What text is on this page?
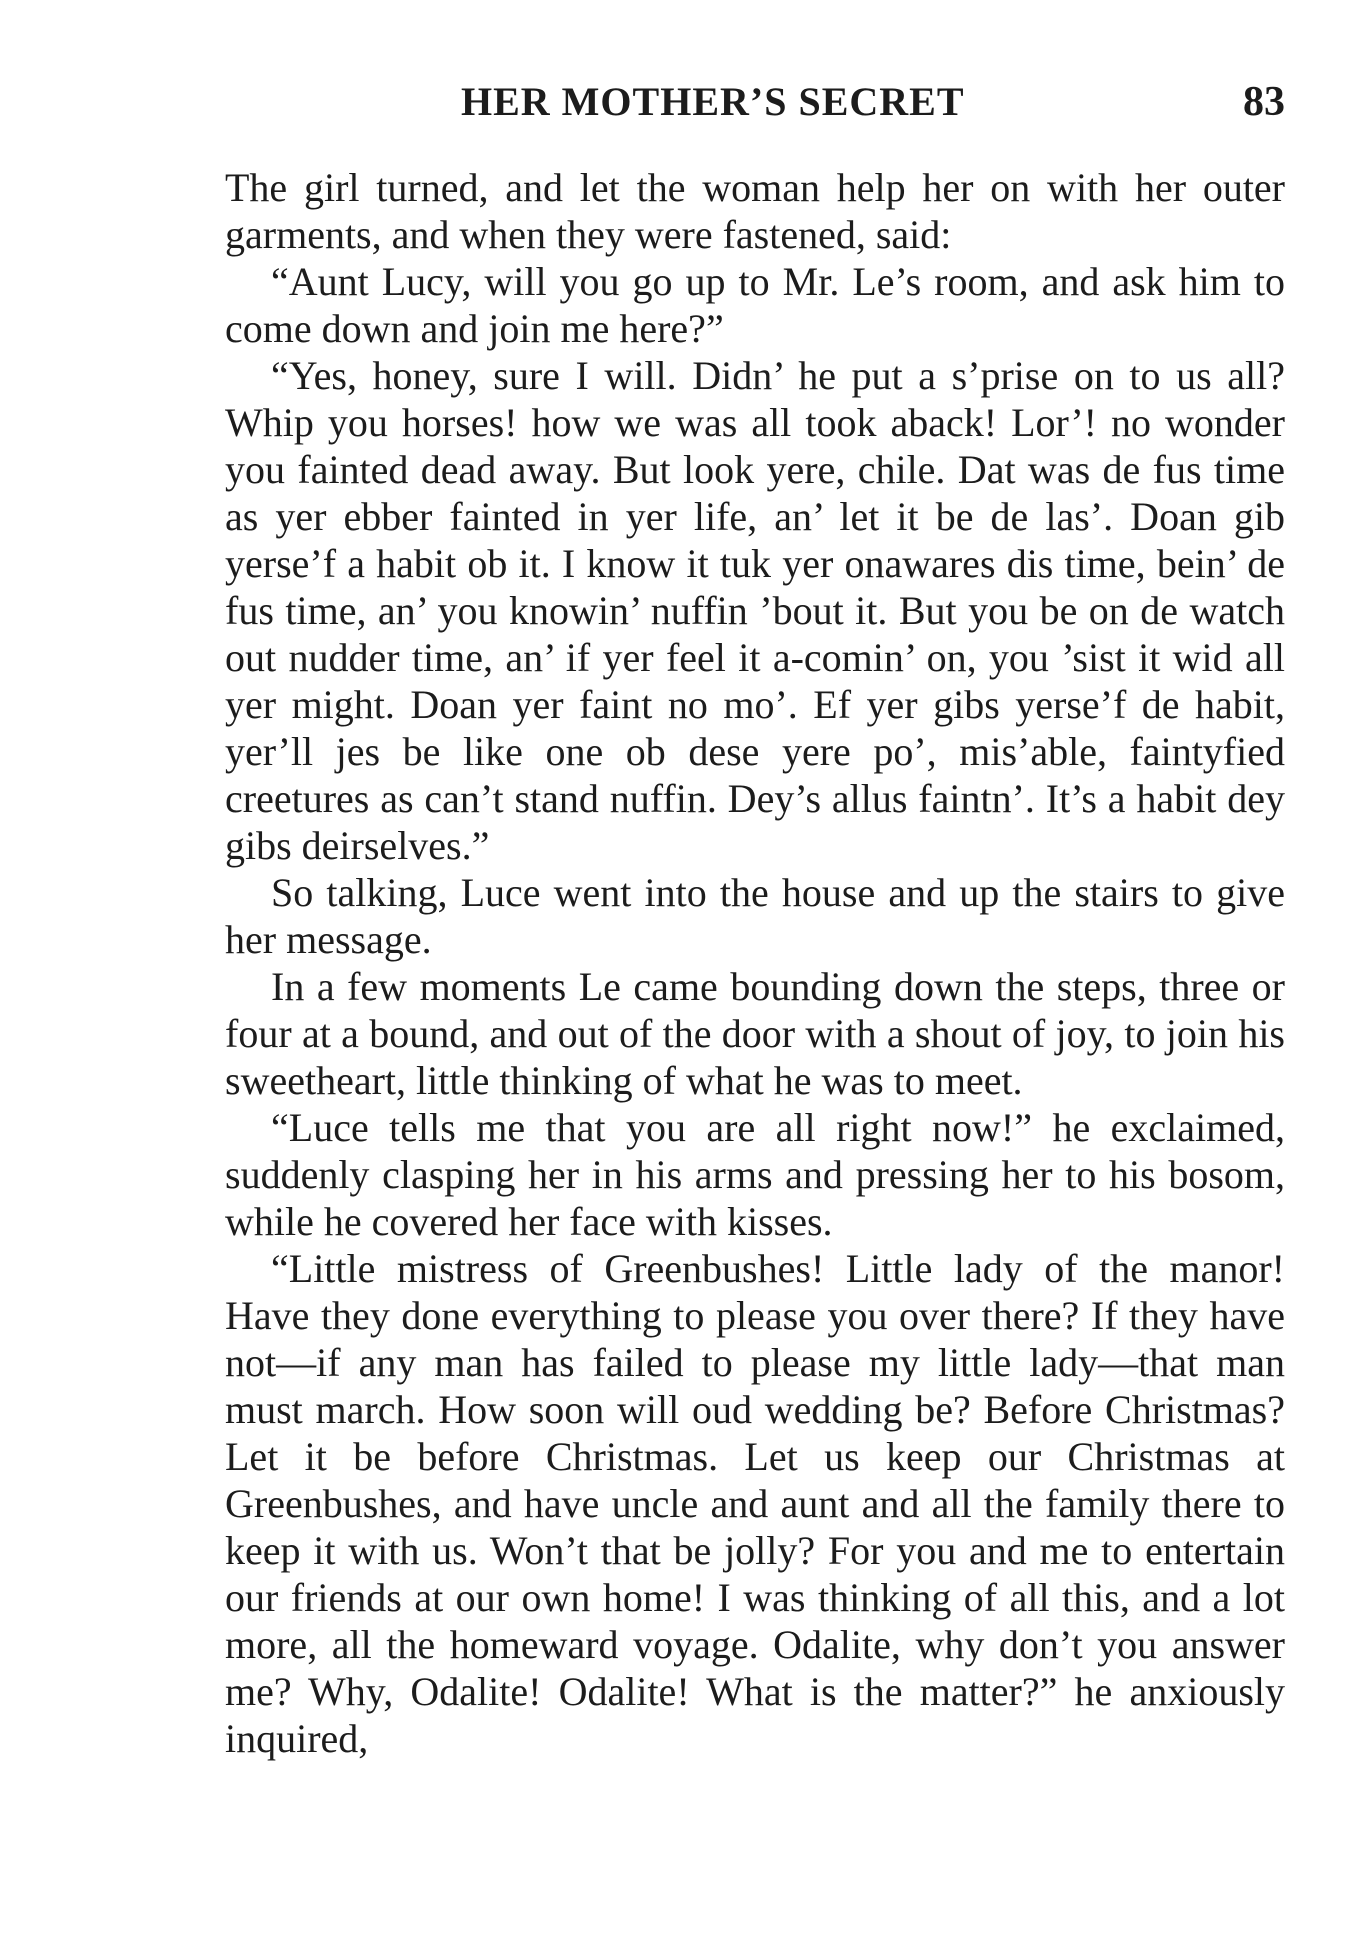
HER MOTHER’S SECRET	83

The girl turned, and let the woman help her on with her outer garments, and when they were fastened, said:

“Aunt Lucy, will you go up to Mr. Le’s room, and ask him to come down and join me here?”

“Yes, honey, sure I will. Didn’ he put a s’prise on to us all? Whip you horses! how we was all took aback! Lor’! no wonder you fainted dead away. But look yere, chile. Dat was de fus time as yer ebber fainted in yer life, an’ let it be de las’. Doan gib yerse’f a habit ob it. I know it tuk yer onawares dis time, bein’ de fus time, an’ you knowin’ nuffin ’bout it. But you be on de watch out nudder time, an’ if yer feel it a-comin’ on, you ’sist it wid all yer might. Doan yer faint no mo’. Ef yer gibs yerse’f de habit, yer’ll jes be like one ob dese yere po’, mis’able, faintyfied creetures as can’t stand nuffin. Dey’s allus faintn’. It’s a habit dey gibs deirselves.”

So talking, Luce went into the house and up the stairs to give her message.

In a few moments Le came bounding down the steps, three or four at a bound, and out of the door with a shout of joy, to join his sweetheart, little thinking of what he was to meet.

“Luce tells me that you are all right now!” he exclaimed, suddenly clasping her in his arms and pressing her to his bosom, while he covered her face with kisses.

“Little mistress of Greenbushes! Little lady of the manor! Have they done everything to please you over there? If they have not—if any man has failed to please my little lady—that man must march. How soon will oud wedding be? Before Christmas? Let it be before Christmas. Let us keep our Christmas at Greenbushes, and have uncle and aunt and all the family there to keep it with us. Won’t that be jolly? For you and me to entertain our friends at our own home! I was thinking of all this, and a lot more, all the homeward voyage. Odalite, why don’t you answer me? Why, Odalite! Odalite! What is the matter?” he anxiously inquired,
